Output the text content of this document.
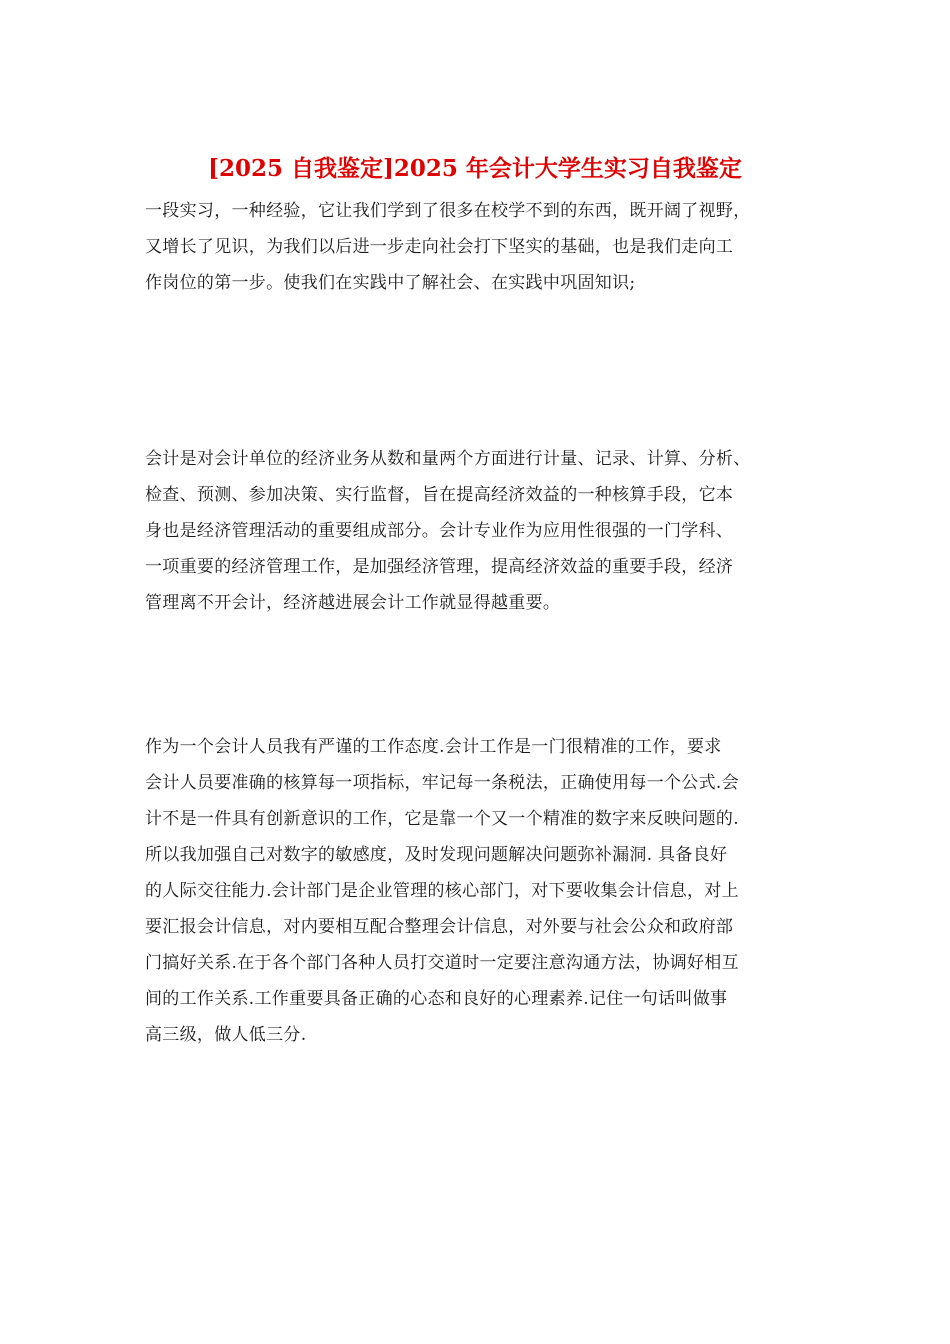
[2025 自我鉴定]2025 年会计大学生实习自我鉴定
一段实习，一种经验，它让我们学到了很多在校学不到的东西，既开阔了视野，
又增长了见识，为我们以后进一步走向社会打下坚实的基础，也是我们走向工
作岗位的第一步。使我们在实践中了解社会、在实践中巩固知识;
会计是对会计单位的经济业务从数和量两个方面进行计量、记录、计算、分析、
检查、预测、参加决策、实行监督，旨在提高经济效益的一种核算手段，它本
身也是经济管理活动的重要组成部分。会计专业作为应用性很强的一门学科、
一项重要的经济管理工作，是加强经济管理，提高经济效益的重要手段，经济
管理离不开会计，经济越进展会计工作就显得越重要。
作为一个会计人员我有严谨的工作态度.会计工作是一门很精准的工作，要求
会计人员要准确的核算每一项指标，牢记每一条税法，正确使用每一个公式.会
计不是一件具有创新意识的工作，它是靠一个又一个精准的数字来反映问题的.
所以我加强自己对数字的敏感度，及时发现问题解决问题弥补漏洞. 具备良好
的人际交往能力.会计部门是企业管理的核心部门，对下要收集会计信息，对上
要汇报会计信息，对内要相互配合整理会计信息，对外要与社会公众和政府部
门搞好关系.在于各个部门各种人员打交道时一定要注意沟通方法，协调好相互
间的工作关系.工作重要具备正确的心态和良好的心理素养.记住一句话叫做事
高三级，做人低三分.
